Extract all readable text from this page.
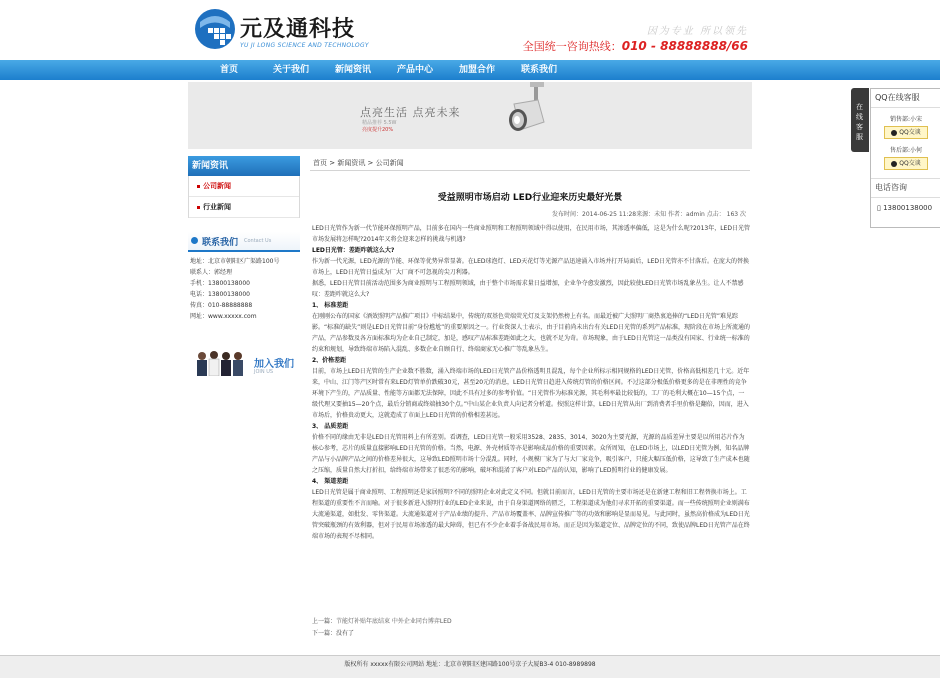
元及通科技
YU JI LONG SCIENCE AND TECHNOLOGY
因为专业 所以领先
全国统一咨询热线：010 - 88888888/66
首页	关于我们	新闻资讯	产品中心	加盟合作	联系我们
点亮生活 点亮未来
精品推荐 5.5W
亮度提升20%
新闻资讯
公司新闻
行业新闻
联系我们 Contact Us
地址：北京市朝阳区广渠路100号
联系人：郭经理
手机：13800138000
电话：13800138000
传真：010-88888888
网址：www.xxxxx.com
加入我们
JOIN US
首页 > 新闻资讯 > 公司新闻
受益照明市场启动 LED行业迎来历史最好光景
发布时间：2014-06-25 11:28来源：未知 作者：admin 点击： 163 次

LED日光管作为新一代节能环保照明产品，目前多在国内一些商业照明和工程照明领域中得以使用，在民用市场，其渗透率偏低，这是为什么呢?2013年，LED日光管市场发展将怎样呢?2014年又将会迎来怎样的挑战与机遇?

LED日光管：差距咋就这么大?

作为新一代光源，LED光源的节能、环保等优势异常显著。在LED球泡灯、LED天花灯等光源产品迅速涌入市场并打开局面后，LED日光管亦不甘落后。在庞大的替换市场上，LED日光管日益成为厂大厂商不可忽视的尖刀利器。

据悉，LED日光管目前活动范围多为商业照明与工程照明领域，由于整个市场需求量日益增加，企业争夺愈发激烈，因此较使LED日光管市场乱象丛生。让人不禁感叹：差距咋就这么大?

1、 标准差距

在刚刚公布的国家《酒效照明产品推广项目》中标结果中，传统的双基色荧端荧光灯及支架仍然榜上有名。而最近被广大照明厂商热衷追捧的“LED日光管”难见踪影。“标准的缺失”则是LED日光管目前“身份尴尬”的重要原因之一。行业资深人士表示，由于目前尚未出台有关LED日光管的系列产品标准，现阶段在市场上所流通的产品，产品参数及各方面标准均为企业自己制定，加是，感叹产品标准差距如此之大，也就不足为奇。市场现象，由于LED日光管这一品类没有国家、行业统一标准的约束和规划，导致终端市场陷入混乱、多数企业自顾自行、终端商家无心推广等乱象丛生。

2、价格差距

目前，市场上LED日光管的生产企业数不胜数，涌入终端市场的LED日光管产品价格透明且混乱，每个企业所标示相同规格的LED日光管，价格高低相差几十元。近年来，中山、江门等产区时常有来LED灯管单价跌破30元，甚至20元的消息，LED日光管日趋进入传统灯管的价格区间。不过这部分极低价格更多的是在非理性的竞争环境下产生的，产品质量、性能等方面都无法保障，因此不具有过多的参考价值。“日光管作为标准光源，其毛利率最比较低的，工厂的毛利大概在10—15个点，一级代理又要抽15—20个点，最后分销商或终端抽30个点。”中山某企业负责人向记者分析道。按照这样计算，LED日光管从出厂到消费者手里价格是翻倍，因而，进入市场后，价格贵动更大，这就造成了市面上LED日光管的价格相差甚远。

3、 品质差距

价格不同的缘由无非是LED日光管用料上有所差别。看调查，LED日光管一般采用3528、2835、3014、3020为主要光源，光源的品质差异主要是以所用芯片作为核心参考，芯片的质量直接影响LED日光管的价格。当然，电源、外壳材质等亦是影响成品价格的重要因素。众所周知，在LED市场上，以LED日光管为例，知名品牌产品与小品牌产品之间的价格差异很大，这导致LED照明市场十分混乱。同时，小规模厂家为了与大厂家竞争，吸引客户，只能大幅压低价格，这导致了生产成本也随之压缩，质量自然大打折扣，给终端市场带来了很恶劣的影响，破坏和混淆了客户对LED产品的认知，影响了LED照明行业的健康发展。

4、 渠道差距

LED日光管是属于商业照明、工程照明还是家居照明?不同的照明企业对此定义不同。但就目前而言，LED日光管的主要市场还是在新建工程和旧工程替换市场上。工程渠道的重要性不言而喻。对于很多新进入照明行业的LED企业来说，由于自身渠道网络的匮乏，工程渠道成为他们寻求开拓的重要渠道。而一些传统照明企业则满布大流通渠道，如批发、零售渠道。大流通渠道对于产品业绩的提升、产品市场覆盖率、品牌宣传推广等的功效和影响是显而易见。与此同时，虽然高价格成为LED日光管突破瓶颈的有效利器，但对于民用市场渗透的最大障碍，但已有不少企业着手备战民用市场。而正是因为渠道定位、品牌定位的不同，致使品牌LED日光管产品在终端市场的表现不尽相同。

上一篇：节能灯补贴年底结束 中外企业同台博弈LED
下一篇：没有了
版权所有 xxxxx有限公司网站 地址：北京市朝阳区建国路100号京子大厦B3-4 010-8989898
在线客服
QQ在线客服
销售部:小宋
QQ交谈
售后部:小何
QQ交谈
电话咨询
▯ 13800138000
